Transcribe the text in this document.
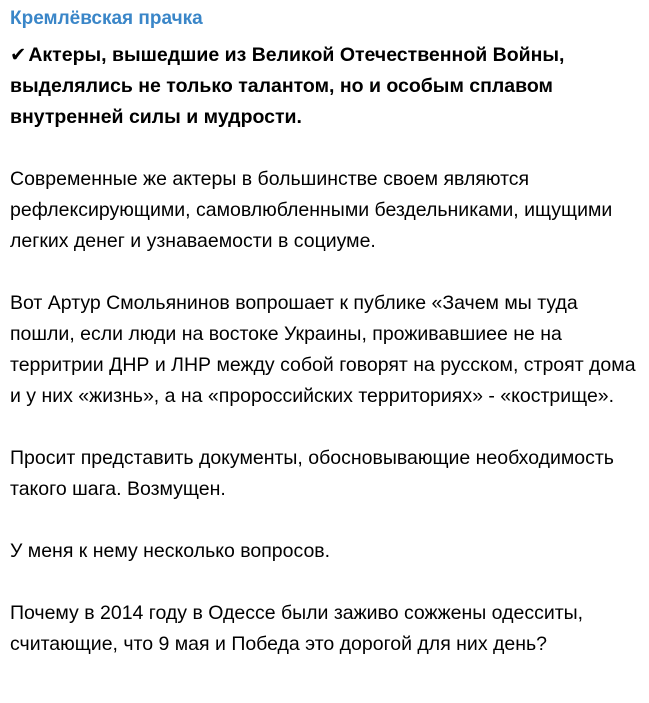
Кремлёвская прачка
✔ Актеры, вышедшие из Великой Отечественной Войны, выделялись не только талантом, но и особым сплавом внутренней силы и мудрости.
Современные же актеры в большинстве своем являются рефлексирующими, самовлюбленными бездельниками, ищущими легких денег и узнаваемости в социуме.
Вот Артур Смольянинов вопрошает к публике «Зачем мы туда пошли, если люди на востоке Украины, проживавшиее не на территрии ДНР и ЛНР между собой говорят на русском, строят дома и у них «жизнь», а на «пророссийских территориях» - «кострище».
Просит представить документы, обосновывающие необходимость такого шага. Возмущен.
У меня к нему несколько вопросов.
Почему в 2014 году в Одессе были заживо сожжены одесситы, считающие, что 9 мая и Победа это дорогой для них день?
